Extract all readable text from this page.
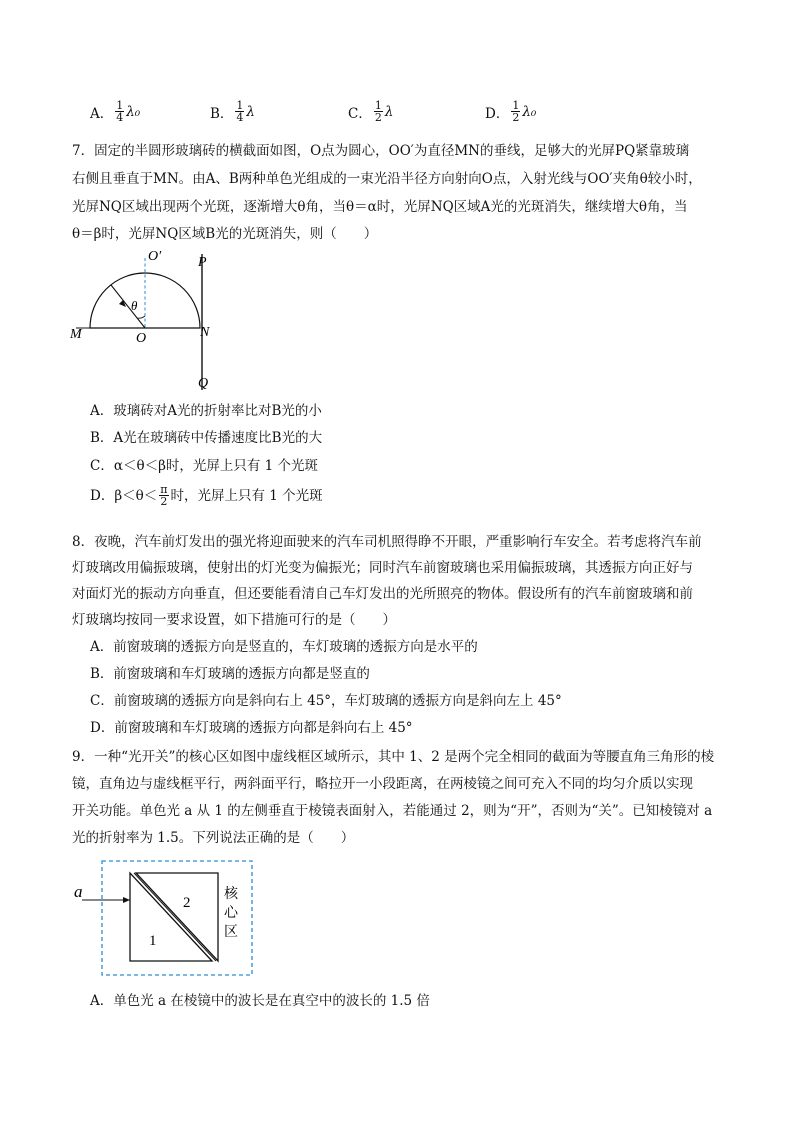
A． $\frac{1}{4} \lambda_0$	B． $\frac{1}{4}$ λ	C． $\frac{1}{2}$ λ	D． $\frac{1}{2} \lambda_0$
7．固定的半圆形玻璃砖的横截面如图，O点为圆心，OO′为直径MN的垂线，足够大的光屏PQ紧靠玻璃
右侧且垂直于MN。由A、B两种单色光组成的一束光沿半径方向射向O点，入射光线与OO′夹角θ较小时，
光屏NQ区域出现两个光斑，逐渐增大θ角，当θ＝α时，光屏NQ区域A光的光斑消失，继续增大θ角，当
θ＝β时，光屏NQ区域B光的光斑消失，则（　　）
O′	P
M	O	N
Q
θ
A．玻璃砖对A光的折射率比对B光的小
B．A光在玻璃砖中传播速度比B光的大
C．α＜θ＜β时，光屏上只有 1 个光斑
D．$\beta<\theta< \frac{\pi}{2}$ 时，光屏上只有 1 个光斑
8．夜晚，汽车前灯发出的强光将迎面驶来的汽车司机照得睁不开眼，严重影响行车安全。若考虑将汽车前
灯玻璃改用偏振玻璃，使射出的灯光变为偏振光；同时汽车前窗玻璃也采用偏振玻璃，其透振方向正好与
对面灯光的振动方向垂直，但还要能看清自己车灯发出的光所照亮的物体。假设所有的汽车前窗玻璃和前
灯玻璃均按同一要求设置，如下措施可行的是（　　）
A．前窗玻璃的透振方向是竖直的，车灯玻璃的透振方向是水平的
B．前窗玻璃和车灯玻璃的透振方向都是竖直的
C．前窗玻璃的透振方向是斜向右上 45°，车灯玻璃的透振方向是斜向左上 45°
D．前窗玻璃和车灯玻璃的透振方向都是斜向右上 45°
9．一种“光开关”的核心区如图中虚线框区域所示，其中 1、2 是两个完全相同的截面为等腰直角三角形的棱
镜，直角边与虚线框平行，两斜面平行，略拉开一小段距离，在两棱镜之间可充入不同的均匀介质以实现
开关功能。单色光 a 从 1 的左侧垂直于棱镜表面射入，若能通过 2，则为“开”，否则为“关”。已知棱镜对 a
光的折射率为 1.5。下列说法正确的是（　　）
a
1
2
核
心
区
A．单色光 a 在棱镜中的波长是在真空中的波长的 1.5 倍
